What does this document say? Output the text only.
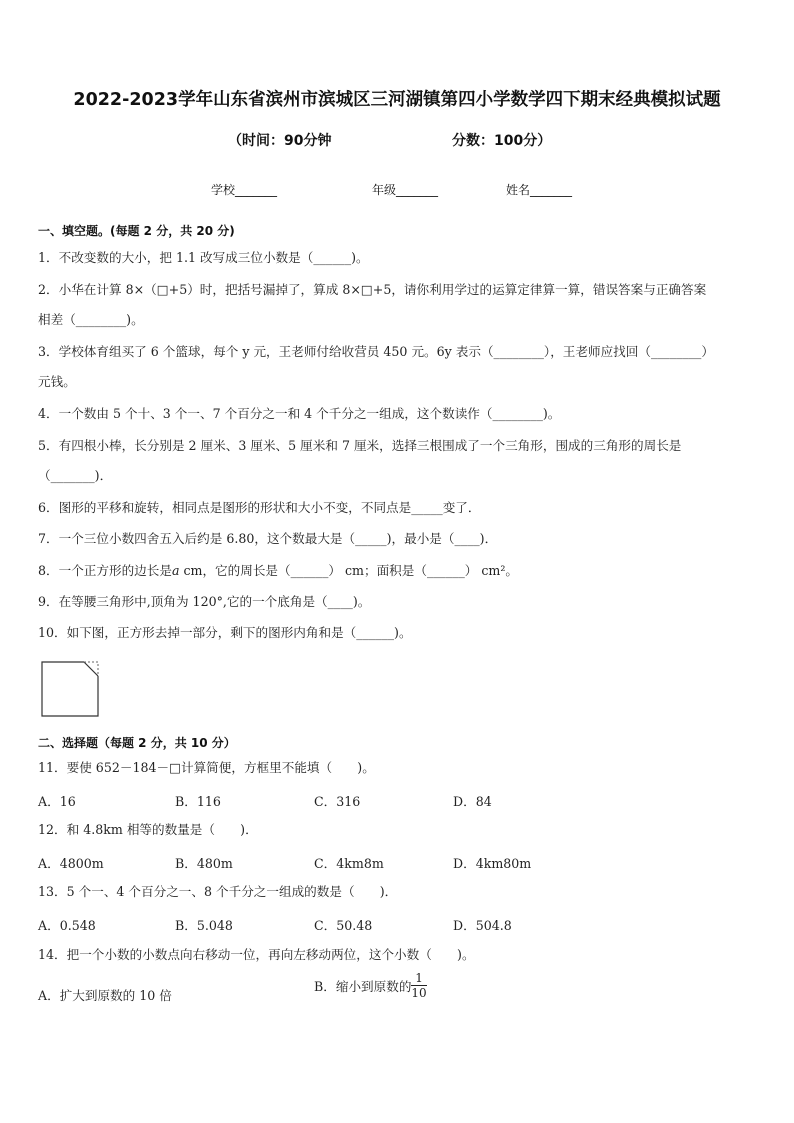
2022-2023学年山东省滨州市滨城区三河湖镇第四小学数学四下期末经典模拟试题
（时间：90分钟	分数：100分）
学校_______	年级_______	姓名_______
一、填空题。(每题 2 分，共 20 分)
1．不改变数的大小，把 1.1 改写成三位小数是（______)。
2．小华在计算 8×（□+5）时，把括号漏掉了，算成 8×□+5，请你利用学过的运算定律算一算，错误答案与正确答案
相差（________)。
3．学校体育组买了 6 个篮球，每个 y 元，王老师付给收营员 450 元。6y 表示（________），王老师应找回（________）
元钱。
4．一个数由 5 个十、3 个一、7 个百分之一和 4 个千分之一组成，这个数读作（________)。
5．有四根小棒，长分别是 2 厘米、3 厘米、5 厘米和 7 厘米，选择三根围成了一个三角形，围成的三角形的周长是
（_______)．
6．图形的平移和旋转，相同点是图形的形状和大小不变，不同点是_____变了．
7．一个三位小数四舍五入后约是 6.80，这个数最大是（_____)，最小是（____)．
8．一个正方形的边长是a cm，它的周长是（______） cm；面积是（______） cm²。
9．在等腰三角形中,顶角为 120°,它的一个底角是（____)。
10．如下图，正方形去掉一部分，剩下的图形内角和是（______)。
二、选择题（每题 2 分，共 10 分）
11．要使 652－184－□计算简便，方框里不能填（　　)。
A．16	B．116	C．316	D．84
12．和 4.8km 相等的数量是（　　)．
A．4800m	B．480m	C．4km8m	D．4km80m
13．5 个一、4 个百分之一、8 个千分之一组成的数是（　　)．
A．0.548	B．5.048	C．50.48	D．504.8
14．把一个小数的小数点向右移动一位，再向左移动两位，这个小数（　　)。
A．扩大到原数的 10 倍
B．缩小到原数的 $\frac{1}{10}$
